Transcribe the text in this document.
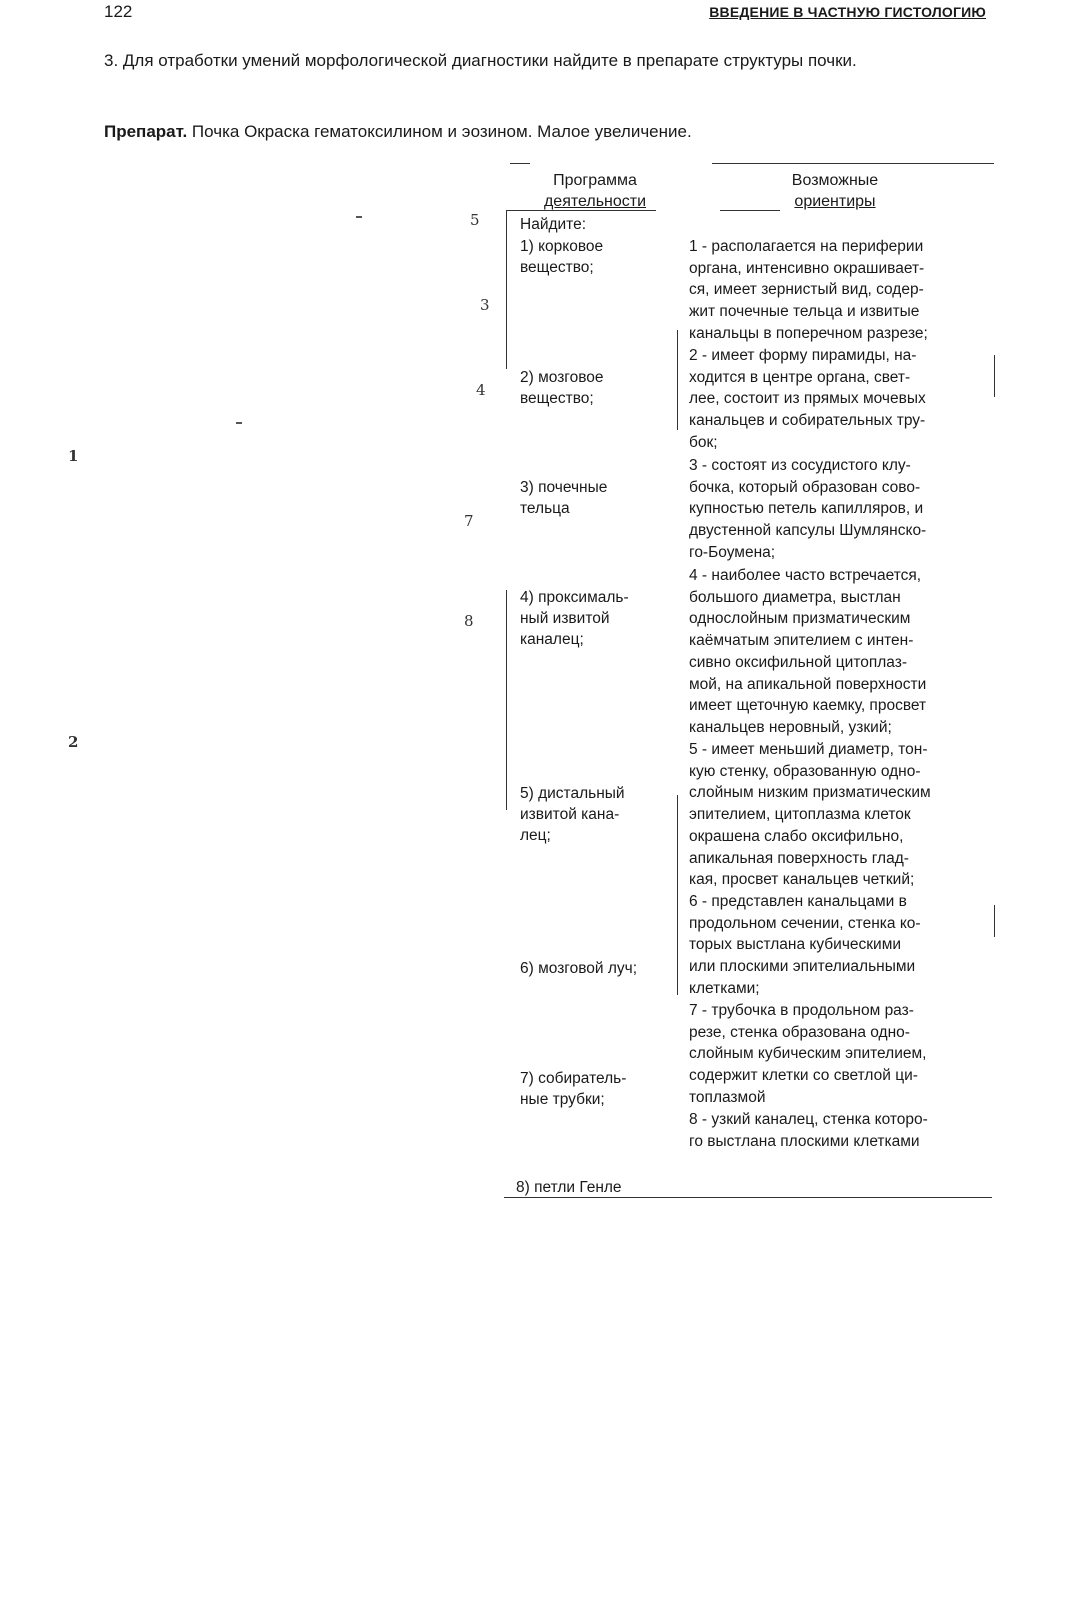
122	ВВЕДЕНИЕ В ЧАСТНУЮ ГИСТОЛОГИЮ
3. Для отработки умений морфологической диагностики найдите в препарате структуры почки.
Препарат. Почка Окраска гематоксилином и эозином. Малое увеличение.
5
3
4
1
7
8
2
Программа
деятельности
Возможные
ориентиры
Найдите:
1) корковое
вещество;
2) мозговое
вещество;
3) почечные
тельца
4) проксималь-
ный извитой
каналец;
5) дистальный
извитой кана-
лец;
6) мозговой луч;
7) собиратель-
ные трубки;
8) петли Генле
1 - располагается на периферии
органа, интенсивно окрашивает-
ся, имеет зернистый вид, содер-
жит почечные тельца и извитые
канальцы в поперечном разрезе;
2 - имеет форму пирамиды, на-
ходится в центре органа, свет-
лее, состоит из прямых мочевых
канальцев и собирательных тру-
бок;
3 - состоят из сосудистого клу-
бочка, который образован сово-
купностью петель капилляров, и
двустенной капсулы Шумлянско-
го-Боумена;
4 - наиболее часто встречается,
большого диаметра, выстлан
однослойным призматическим
каёмчатым эпителием с интен-
сивно оксифильной цитоплаз-
мой, на апикальной поверхности
имеет щеточную каемку, просвет
канальцев неровный, узкий;
5 - имеет меньший диаметр, тон-
кую стенку, образованную одно-
слойным низким призматическим
эпителием, цитоплазма клеток
окрашена слабо оксифильно,
апикальная поверхность глад-
кая, просвет канальцев четкий;
6 - представлен канальцами в
продольном сечении, стенка ко-
торых выстлана кубическими
или плоскими эпителиальными
клетками;
7 - трубочка в продольном раз-
резе, стенка образована одно-
слойным кубическим эпителием,
содержит клетки со светлой ци-
топлазмой
8 - узкий каналец, стенка которо-
го выстлана плоскими клетками
